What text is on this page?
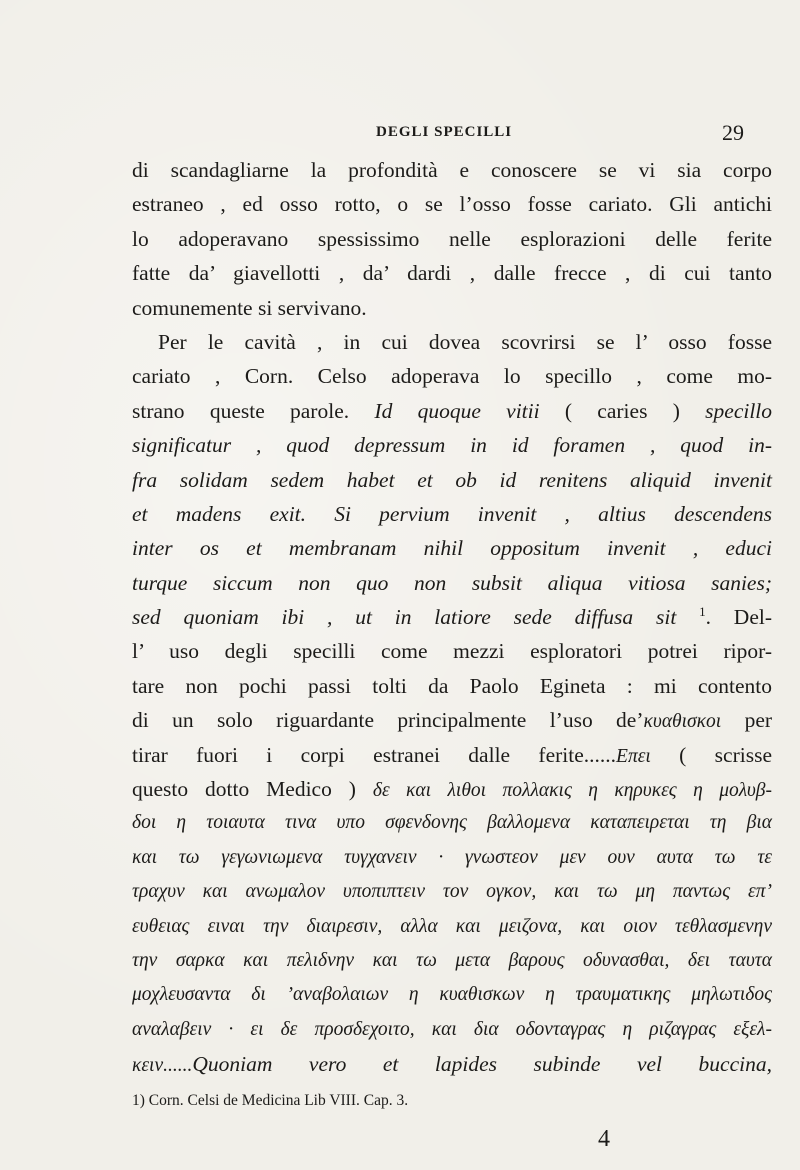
DEGLI SPECILLI	29
di scandagliarne la profondità e conoscere se vi sia corpo
estraneo , ed osso rotto, o se l’osso fosse cariato. Gli antichi
lo adoperavano spessissimo nelle esplorazioni delle ferite
fatte da’ giavellotti , da’ dardi , dalle frecce , di cui tanto
comunemente si servivano.
Per le cavità , in cui dovea scovrirsi se l’ osso fosse
cariato , Corn. Celso adoperava lo specillo , come mo-
strano queste parole. Id quoque vitii ( caries ) specillo
significatur , quod depressum in id foramen , quod in-
fra solidam sedem habet et ob id renitens aliquid invenit
et madens exit. Si pervium invenit , altius descendens
inter os et membranam nihil oppositum invenit , educi
turque siccum non quo non subsit aliqua vitiosa sanies;
sed quoniam ibi , ut in latiore sede diffusa sit $^1$. Del-
l’ uso degli specilli come mezzi esploratori potrei ripor-
tare non pochi passi tolti da Paolo Egineta : mi contento
di un solo riguardante principalmente l’uso de’κυαθισκοι per
tirar fuori i corpi estranei dalle ferite......Επει ( scrisse
questo dotto Medico ) δε και λιθοι πολλακις η κηρυκες η μολυβ-
δοι η τοιαυτα τινα υπο σφενδονης βαλλομενα καταπειρεται τη βια
και τω γεγωνιωμενα τυγχανειν · γνωστεον μεν ουν αυτα τω τε
τραχυν και ανωμαλον υποπιπτειν τον ογκον, και τω μη παντως επ’
ευθειας ειναι την διαιρεσιν, αλλα και μειζονα, και οιον τεθλασμενην
την σαρκα και πελιδνην και τω μετα βαρους οδυνασθαι, δει ταυτα
μοχλευσαντα δι ’αναβολαιων η κυαθισκων η τραυματικης μηλωτιδος
αναλαβειν · ει δε προσδεχοιτο, και δια οδονταγρας η ριζαγρας εξελ-
κειν......Quoniam vero et lapides subinde vel buccina,
1) Corn. Celsi de Medicina Lib VIII. Cap. 3.
4
